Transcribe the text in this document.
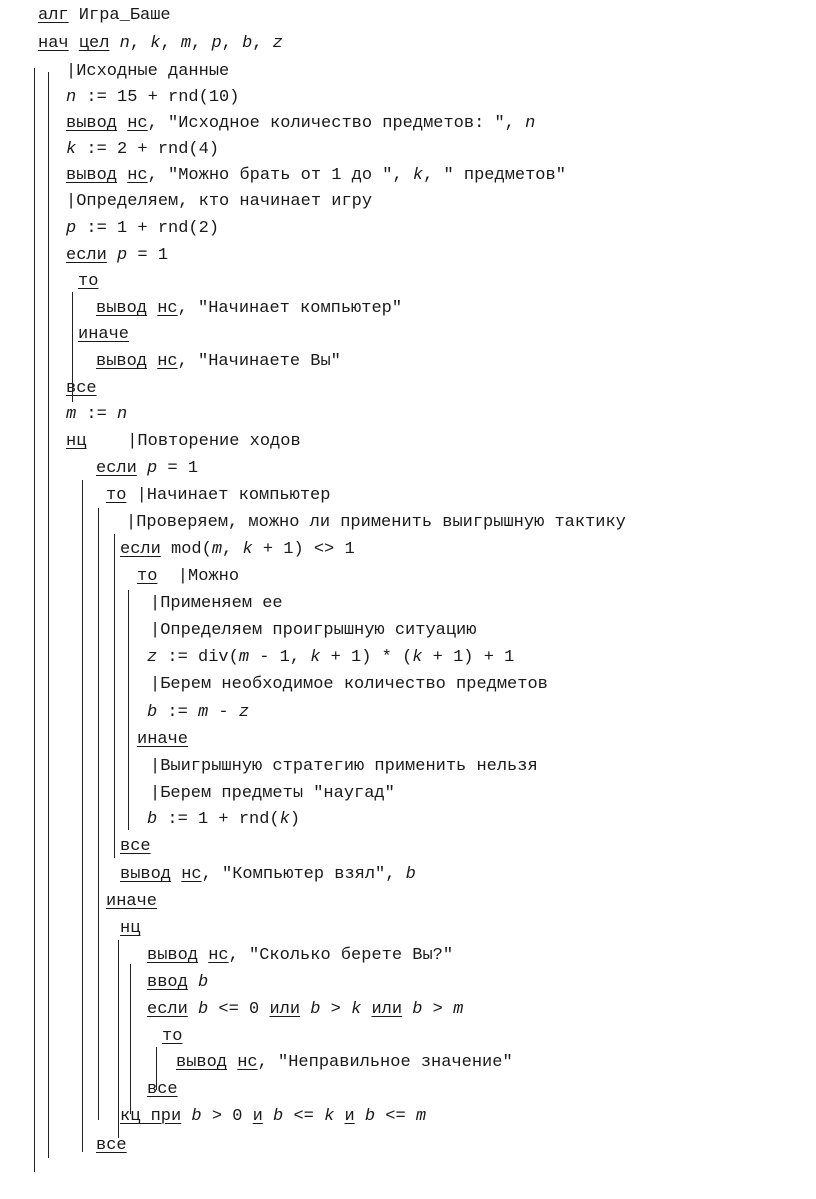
алг Игра_Баше
нач цел n, k, m, p, b, z
|Исходные данные
n := 15 + rnd(10)
вывод нс, "Исходное количество предметов: ", n
k := 2 + rnd(4)
вывод нс, "Можно брать от 1 до ", k, " предметов"
|Определяем, кто начинает игру
p := 1 + rnd(2)
если p = 1
то
вывод нс, "Начинает компьютер"
иначе
вывод нс, "Начинаете Вы"
все
m := n
нц    |Повторение ходов
если p = 1
то |Начинает компьютер
|Проверяем, можно ли применить выигрышную тактику
если mod(m, k + 1) <> 1
то  |Можно
|Применяем ее
|Определяем проигрышную ситуацию
z := div(m - 1, k + 1) * (k + 1) + 1
|Берем необходимое количество предметов
b := m - z
иначе
|Выигрышную стратегию применить нельзя
|Берем предметы "наугад"
b := 1 + rnd(k)
все
вывод нс, "Компьютер взял", b
иначе
нц
вывод нс, "Сколько берете Вы?"
ввод b
если b <= 0 или b > k или b > m
то
вывод нс, "Неправильное значение"
все
кц при b > 0 и b <= k и b <= m
все
